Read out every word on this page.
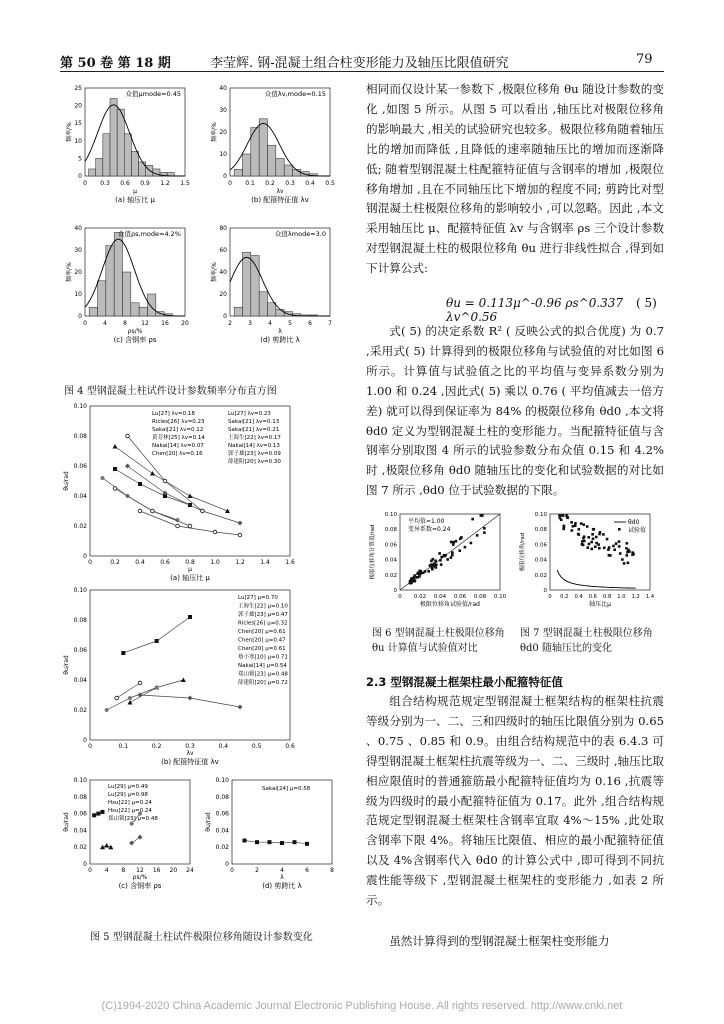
第 50 卷 第 18 期	李莹辉. 钢-混凝土组合柱变形能力及轴压比限值研究	79
0 0.3 0.6 0.9 1.2 1.5
0
5
10
15
20
25
众值μmode=0.45
频率/%
μ
(a) 轴压比 μ
0 0.1 0.2 0.3 0.4 0.5
0
10
20
30
40
众值λv,mode=0.15
频率/%
λv
(b) 配箍特征值 λv
0	4	8 12 16 20
0
10
20
30
40
众值ρs,mode=4.2%
频率/%
ρs/%
(c) 含钢率 ρs
2	3	4	5	6	7
0
20
40
60
80
众值λmode=3.0
频率/%
λ
(d) 剪跨比 λ
图 4 型钢混凝土柱试件设计参数频率分布直方图
0	0.2	0.4	0.6	0.8	1.0	1.2	1.4	1.6
0
0.02
0.04
0.06
0.08
0.10
θu/rad
μ
(a) 轴压比 μ
Lu[27] λv=0.18
Ricles[26] λv=0.23
Sakai[21] λv=0.12
黄芳林[25] λv=0.14
Nakai[14] λv=0.07
Chen[20] λv=0.16
Lu[27] λv=0.23
Sakai[21] λv=0.13
Sakai[21] λv=0.21
王海生[22] λv=0.17
Nakai[14] λv=0.13
郭子雄[23] λv=0.09
薛建阳[20] λv=0.30
0	0.1	0.2	0.3	0.4	0.5	0.6
0
0.02
0.04
0.06
0.08
0.10
θu/rad
λv
(b) 配箍特征值 λv
Lu[27] μ=0.70
王海生[22] μ=0.10
郭子雄[23] μ=0.47
Ricles[26] μ=0.32
Chen[20] μ=0.61
Chen[20] μ=0.47
Chen[20] μ=0.61
蔡小寒[10] μ=0.71
Nakai[14] μ=0.54
郑山锁[23] μ=0.48
薛建阳[20] μ=0.72
0 4 8 12 16 20 24
0
0.02
0.04
0.06
0.08
0.10
θu/rad
ρs/%
(c) 含钢率 ρs
Lu[29] μ=0.49
Lu[29] μ=0.98
Hsu[22] μ=0.24
Hsu[22] μ=0.24
郑山锁[23] μ=0.48
0	2	4	6	8
0
0.02
0.04
0.06
0.08
0.10
θu/rad
λ
(d) 剪跨比 λ
Sakai[24] μ=0.58
图 5 型钢混凝土柱试件极限位移角随设计参数变化

相同而仅设计某一参数下 ,极限位移角 θu 随设计参数的变化 ,如图 5 所示。从图 5 可以看出 ,轴压比对极限位移角的影响最大 ,相关的试验研究也较多。极限位移角随着轴压比的增加而降低 ,且降低的速率随轴压比的增加而逐渐降低; 随着型钢混凝土柱配箍特征值与含钢率的增加 ,极限位移角增加 ,且在不同轴压比下增加的程度不同; 剪跨比对型钢混凝土柱极限位移角的影响较小 ,可以忽略。因此 ,本文采用轴压比 μ、配箍特征值 λv 与含钢率 ρs 三个设计参数对型钢混凝土柱的极限位移角 θu 进行非线性拟合 ,得到如下计算公式:

θu = 0.113μ^-0.96 ρs^0.337 λv^0.56
( 5)

式( 5) 的决定系数 R² ( 反映公式的拟合优度) 为 0.7 ,采用式( 5) 计算得到的极限位移角与试验值的对比如图 6 所示。计算值与试验值之比的平均值与变异系数分别为 1.00 和 0.24 ,因此式( 5) 乘以 0.76 ( 平均值减去一倍方差) 就可以得到保证率为 84% 的极限位移角 θd0 ,本文将 θd0 定义为型钢混凝土柱的变形能力。当配箍特征值与含钢率分别取图 4 所示的试验参数分布众值 0.15 和 4.2% 时 ,极限位移角 θd0 随轴压比的变化和试验数据的对比如图 7 所示 ,θd0 位于试验数据的下限。

0
0
0.02
0.02
0.04
0.04
0.06
0.06
0.08
0.08
0.10
0.10
平均值=1.00
变异系数=0.24
极限位移角试验值/rad
极限位移角计算值/rad
0 0.2 0.4 0.6 0.8 1.0 1.2 1.4
0
0.02
0.04
0.06
0.08
0.10
θd0
试验值
轴压比μ
极限位移角/rad
图 6 型钢混凝土柱极限位移角 θu 计算值与试验值对比
图 7 型钢混凝土柱极限位移角 θd0 随轴压比的变化
2.3 型钢混凝土框架柱最小配箍特征值

组合结构规范规定型钢混凝土框架结构的框架柱抗震等级分别为一、二、三和四级时的轴压比限值分别为 0.65 、0.75 、0.85 和 0.9。由组合结构规范中的表 6.4.3 可得型钢混凝土框架柱抗震等级为一、二、三级时 ,轴压比取相应限值时的普通箍筋最小配箍特征值均为 0.16 ,抗震等级为四级时的最小配箍特征值为 0.17。此外 ,组合结构规范规定型钢混凝土框架柱含钢率宜取 4%～15% ,此处取含钢率下限 4%。将轴压比限值、相应的最小配箍特征值以及 4%含钢率代入 θd0 的计算公式中 ,即可得到不同抗震性能等级下 ,型钢混凝土框架柱的变形能力 ,如表 2 所示。

虽然计算得到的型钢混凝土框架柱变形能力

(C)1994-2020 China Academic Journal Electronic Publishing House. All rights reserved. http://www.cnki.net
